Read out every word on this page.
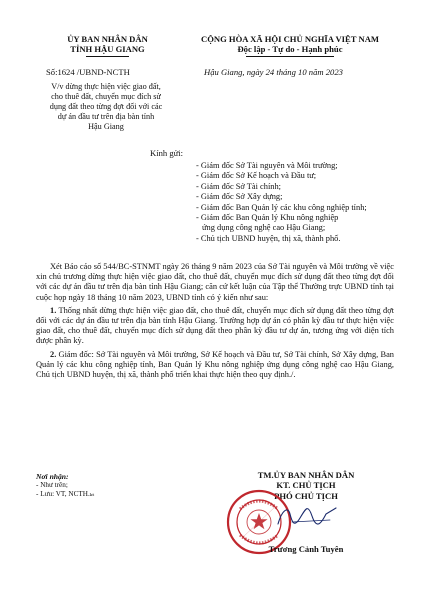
ỦY BAN NHÂN DÂN
TỈNH HẬU GIANG
CỘNG HÒA XÃ HỘI CHỦ NGHĨA VIỆT NAM
Độc lập - Tự do - Hạnh phúc
Số:1624 /UBND-NCTH	Hậu Giang, ngày 24 tháng 10 năm 2023
V/v dừng thực hiện việc giao đất,
cho thuê đất, chuyển mục đích sử
dụng đất theo từng đợt đối với các
dự án đầu tư trên địa bàn tỉnh
Hậu Giang
Kính gửi:
- Giám đốc Sở Tài nguyên và Môi trường;
- Giám đốc Sở Kế hoạch và Đầu tư;
- Giám đốc Sở Tài chính;
- Giám đốc Sở Xây dựng;
- Giám đốc Ban Quản lý các khu công nghiệp tỉnh;
- Giám đốc Ban Quản lý Khu nông nghiệp
ứng dụng công nghệ cao Hậu Giang;
- Chủ tịch UBND huyện, thị xã, thành phố.

Xét Báo cáo số 544/BC-STNMT ngày 26 tháng 9 năm 2023 của Sở Tài nguyên và Môi trường về việc xin chủ trương dừng thực hiện việc giao đất, cho thuê đất, chuyển mục đích sử dụng đất theo từng đợt đối với các dự án đầu tư trên địa bàn tỉnh Hậu Giang; căn cứ kết luận của Tập thể Thường trực UBND tỉnh tại cuộc họp ngày 18 tháng 10 năm 2023, UBND tỉnh có ý kiến như sau:

1. Thống nhất dừng thực hiện việc giao đất, cho thuê đất, chuyển mục đích sử dụng đất theo từng đợt đối với các dự án đầu tư trên địa bàn tỉnh Hậu Giang. Trường hợp dự án có phân kỳ đầu tư thực hiện việc giao đất, cho thuê đất, chuyển mục đích sử dụng đất theo phân kỳ đầu tư dự án, tương ứng với diện tích được phân kỳ.

2. Giám đốc: Sở Tài nguyên và Môi trường, Sở Kế hoạch và Đầu tư, Sở Tài chính, Sở Xây dựng, Ban Quản lý các khu công nghiệp tỉnh, Ban Quản lý Khu nông nghiệp ứng dụng công nghệ cao Hậu Giang, Chủ tịch UBND huyện, thị xã, thành phố triển khai thực hiện theo quy định./.

Nơi nhận:
- Như trên;
- Lưu: VT, NCTH.ₖₜ
TM.ỦY BAN NHÂN DÂN
KT. CHỦ TỊCH
PHÓ CHỦ TỊCH
Trương Cảnh Tuyên
